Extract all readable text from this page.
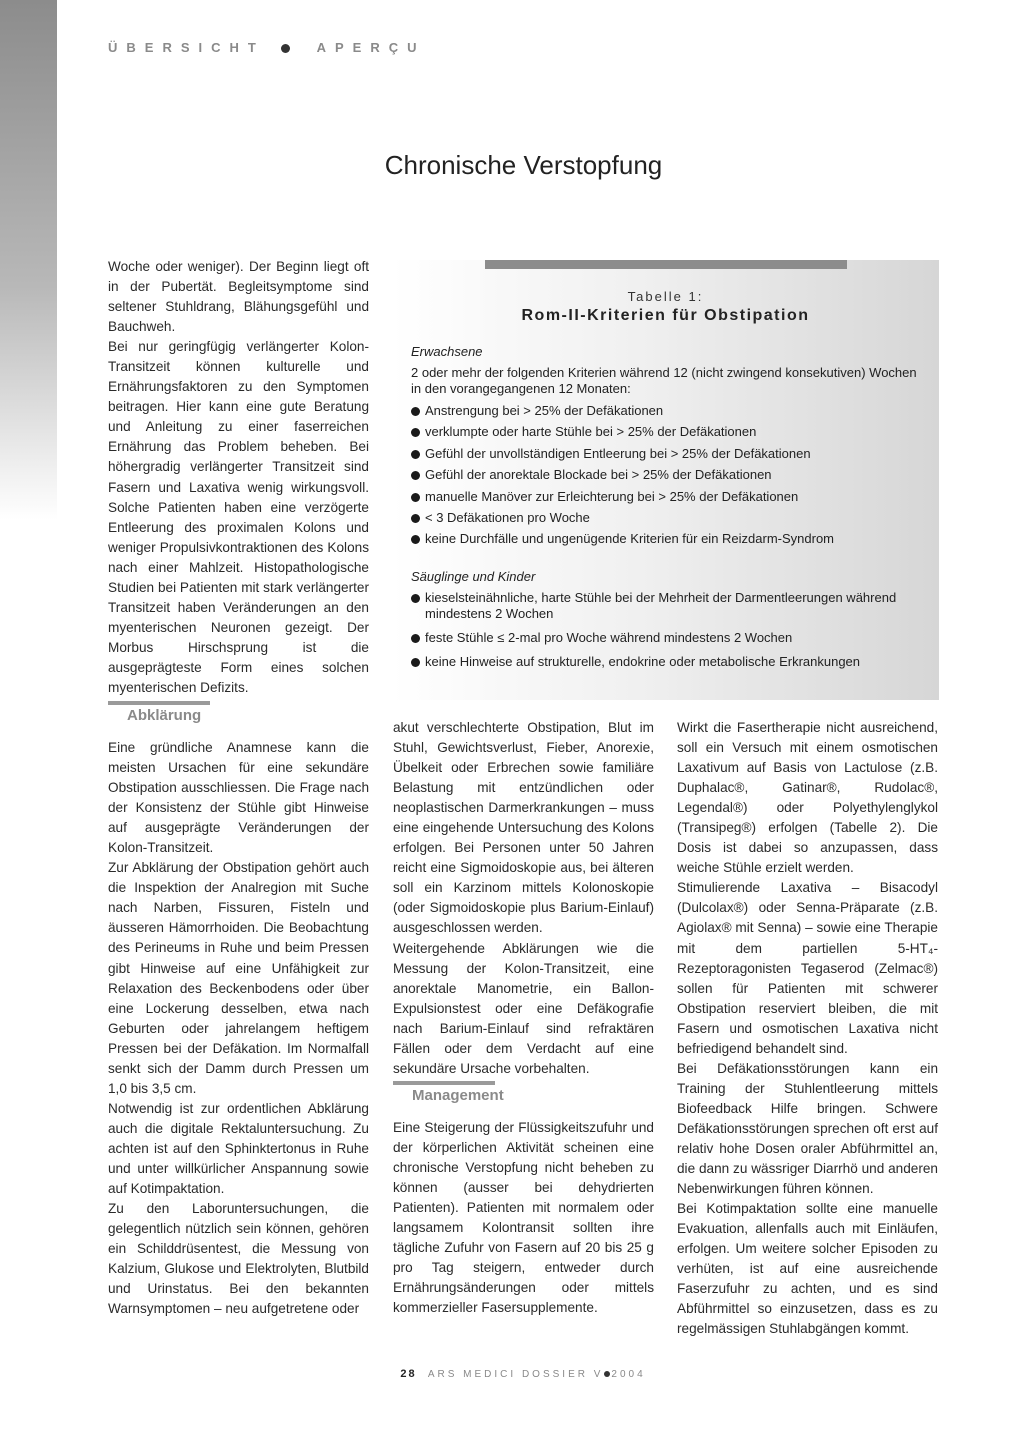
ÜBERSICHT	APERÇU
Chronische Verstopfung

Woche oder weniger). Der Beginn liegt oft in der Pubertät. Begleitsymptome sind seltener Stuhldrang, Blähungsgefühl und Bauchweh.

Bei nur geringfügig verlängerter Kolon-Transitzeit können kulturelle und Ernährungsfaktoren zu den Symptomen beitragen. Hier kann eine gute Beratung und Anleitung zu einer faserreichen Ernährung das Problem beheben. Bei höhergradig verlängerter Transitzeit sind Fasern und Laxativa wenig wirkungsvoll. Solche Patienten haben eine verzögerte Entleerung des proximalen Kolons und weniger Propulsivkontraktionen des Kolons nach einer Mahlzeit. Histopathologische Studien bei Patienten mit stark verlängerter Transitzeit haben Veränderungen an den myenterischen Neuronen gezeigt. Der Morbus Hirschsprung ist die ausgeprägteste Form eines solchen myenterischen Defizits.

Abklärung

Eine gründliche Anamnese kann die meisten Ursachen für eine sekundäre Obstipation ausschliessen. Die Frage nach der Konsistenz der Stühle gibt Hinweise auf ausgeprägte Veränderungen der Kolon-Transitzeit.

Zur Abklärung der Obstipation gehört auch die Inspektion der Analregion mit Suche nach Narben, Fissuren, Fisteln und äusseren Hämorrhoiden. Die Beobachtung des Perineums in Ruhe und beim Pressen gibt Hinweise auf eine Unfähigkeit zur Relaxation des Beckenbodens oder über eine Lockerung desselben, etwa nach Geburten oder jahrelangem heftigem Pressen bei der Defäkation. Im Normalfall senkt sich der Damm durch Pressen um 1,0 bis 3,5 cm.

Notwendig ist zur ordentlichen Abklärung auch die digitale Rektaluntersuchung. Zu achten ist auf den Sphinktertonus in Ruhe und unter willkürlicher Anspannung sowie auf Kotimpaktation.

Zu den Laboruntersuchungen, die gelegentlich nützlich sein können, gehören ein Schilddrüsentest, die Messung von Kalzium, Glukose und Elektrolyten, Blutbild und Urinstatus. Bei den bekannten Warnsymptomen – neu aufgetretene oder

Tabelle 1:
Rom-II-Kriterien für Obstipation
Erwachsene
2 oder mehr der folgenden Kriterien während 12 (nicht zwingend konsekutiven) Wochen in den vorangegangenen 12 Monaten:
Anstrengung bei > 25% der Defäkationen
verklumpte oder harte Stühle bei > 25% der Defäkationen
Gefühl der unvollständigen Entleerung bei > 25% der Defäkationen
Gefühl der anorektale Blockade bei > 25% der Defäkationen
manuelle Manöver zur Erleichterung bei > 25% der Defäkationen
< 3 Defäkationen pro Woche
keine Durchfälle und ungenügende Kriterien für ein Reizdarm-Syndrom
Säuglinge und Kinder
kieselsteinähnliche, harte Stühle bei der Mehrheit der Darmentleerungen während mindestens 2 Wochen
feste Stühle ≤ 2-mal pro Woche während mindestens 2 Wochen
keine Hinweise auf strukturelle, endokrine oder metabolische Erkrankungen

akut verschlechterte Obstipation, Blut im Stuhl, Gewichtsverlust, Fieber, Anorexie, Übelkeit oder Erbrechen sowie familiäre Belastung mit entzündlichen oder neoplastischen Darmerkrankungen – muss eine eingehende Untersuchung des Kolons erfolgen. Bei Personen unter 50 Jahren reicht eine Sigmoidoskopie aus, bei älteren soll ein Karzinom mittels Kolonoskopie (oder Sigmoidoskopie plus Barium-Einlauf) ausgeschlossen werden.

Weitergehende Abklärungen wie die Messung der Kolon-Transitzeit, eine anorektale Manometrie, ein Ballon-Expulsionstest oder eine Defäkografie nach Barium-Einlauf sind refraktären Fällen oder dem Verdacht auf eine sekundäre Ursache vorbehalten.

Management

Eine Steigerung der Flüssigkeitszufuhr und der körperlichen Aktivität scheinen eine chronische Verstopfung nicht beheben zu können (ausser bei dehydrierten Patienten). Patienten mit normalem oder langsamem Kolontransit sollten ihre tägliche Zufuhr von Fasern auf 20 bis 25 g pro Tag steigern, entweder durch Ernährungsänderungen oder mittels kommerzieller Fasersupplemente.

Wirkt die Fasertherapie nicht ausreichend, soll ein Versuch mit einem osmotischen Laxativum auf Basis von Lactulose (z.B. Duphalac®, Gatinar®, Rudolac®, Legendal®) oder Polyethylenglykol (Transipeg®) erfolgen (Tabelle 2). Die Dosis ist dabei so anzupassen, dass weiche Stühle erzielt werden.

Stimulierende Laxativa – Bisacodyl (Dulcolax®) oder Senna-Präparate (z.B. Agiolax® mit Senna) – sowie eine Therapie mit dem partiellen 5-HT₄-Rezeptoragonisten Tegaserod (Zelmac®) sollen für Patienten mit schwerer Obstipation reserviert bleiben, die mit Fasern und osmotischen Laxativa nicht befriedigend behandelt sind.

Bei Defäkationsstörungen kann ein Training der Stuhlentleerung mittels Biofeedback Hilfe bringen. Schwere Defäkationsstörungen sprechen oft erst auf relativ hohe Dosen oraler Abführmittel an, die dann zu wässriger Diarrhö und anderen Nebenwirkungen führen können.

Bei Kotimpaktation sollte eine manuelle Evakuation, allenfalls auch mit Einläufen, erfolgen. Um weitere solcher Episoden zu verhüten, ist auf eine ausreichende Faserzufuhr zu achten, und es sind Abführmittel so einzusetzen, dass es zu regelmässigen Stuhlabgängen kommt.

28 ARS MEDICI DOSSIER V 2004
